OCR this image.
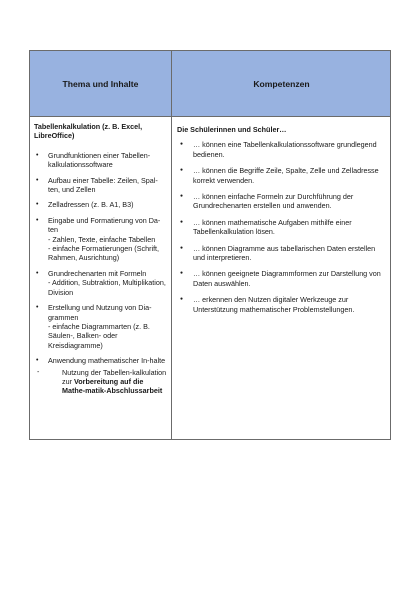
Thema und Inhalte	Kompetenzen
Tabellenkalkulation (z. B. Excel, LibreOffice)
• Grundfunktionen einer Tabellen-kalkulationssoftware
• Aufbau einer Tabelle: Zeilen, Spal-ten, und Zellen
• Zelladressen (z. B. A1, B3)
• Eingabe und Formatierung von Da-ten
- Zahlen, Texte, einfache Tabellen
- einfache Formatierungen (Schrift, Rahmen, Ausrichtung)
• Grundrechenarten mit Formeln
- Addition, Subtraktion, Multiplikation, Division
• Erstellung und Nutzung von Dia-grammen
- einfache Diagrammarten (z. B. Säulen-, Balken- oder Kreisdiagramme)
• Anwendung mathematischer In-halte
-	Nutzung der Tabellen-kalkulation zur Vorbereitung auf die Mathe-matik-Abschlussarbeit
Die Schülerinnen und Schüler…
● … können eine Tabellenkalkulationssoftware grundlegend bedienen.
● … können die Begriffe Zeile, Spalte, Zelle und Zelladresse korrekt verwenden.
● … können einfache Formeln zur Durchführung der Grundrechenarten erstellen und anwenden.
● … können mathematische Aufgaben mithilfe einer Tabellenkalkulation lösen.
● … können Diagramme aus tabellarischen Daten erstellen und interpretieren.
● … können geeignete Diagrammformen zur Darstellung von Daten auswählen.
● … erkennen den Nutzen digitaler Werkzeuge zur Unterstützung mathematischer Problemstellungen.
